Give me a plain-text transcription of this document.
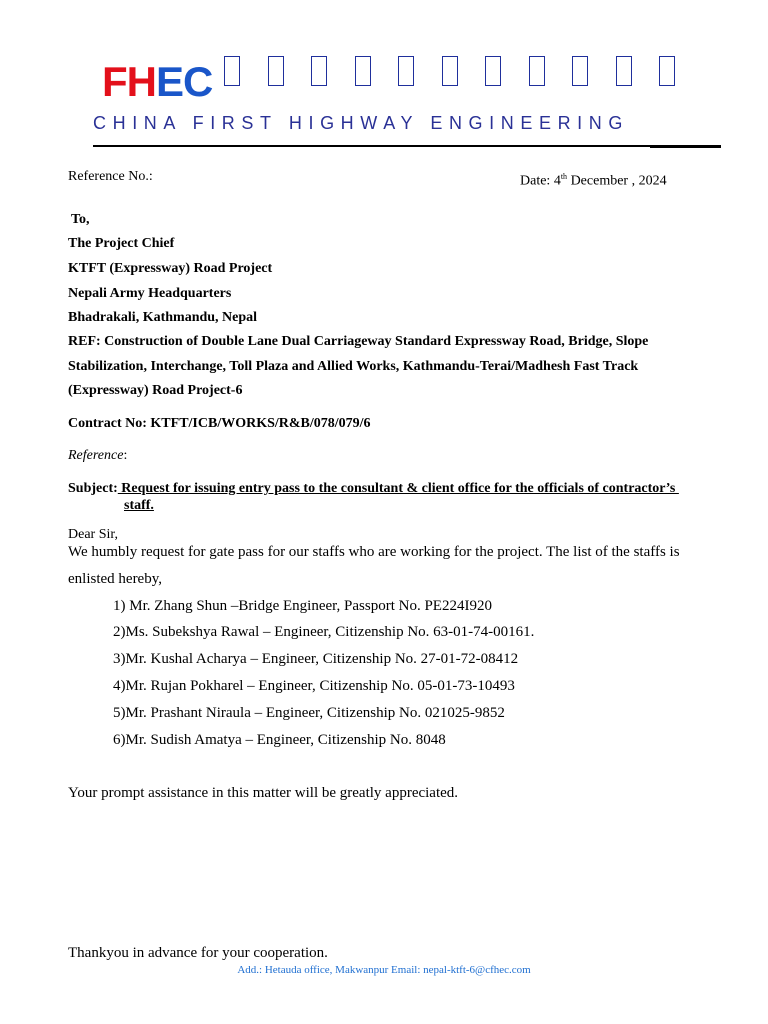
FHEC
CHINA FIRST HIGHWAY ENGINEERING
Reference No.:	Date: 4th December , 2024
To,
The Project Chief
KTFT (Expressway) Road Project
Nepali Army Headquarters
Bhadrakali, Kathmandu, Nepal
REF: Construction of Double Lane Dual Carriageway Standard Expressway Road, Bridge, Slope
Stabilization, Interchange, Toll Plaza and Allied Works, Kathmandu-Terai/Madhesh Fast Track
(Expressway) Road Project-6
Contract No: KTFT/ICB/WORKS/R&B/078/079/6
Reference:
Subject: Request for issuing entry pass to the consultant & client office for the officials of contractor’s
staff.
Dear Sir,
We humbly request for gate pass for our staffs who are working for the project. The list of the staffs is
enlisted hereby,
1) Mr. Zhang Shun –Bridge Engineer, Passport No. PE224I920
2)Ms. Subekshya Rawal – Engineer, Citizenship No. 63-01-74-00161.
3)Mr. Kushal Acharya – Engineer, Citizenship No. 27-01-72-08412
4)Mr. Rujan Pokharel – Engineer, Citizenship No. 05-01-73-10493
5)Mr. Prashant Niraula – Engineer, Citizenship No. 021025-9852
6)Mr. Sudish Amatya – Engineer, Citizenship No. 8048
Your prompt assistance in this matter will be greatly appreciated.
Thankyou in advance for your cooperation.
Add.: Hetauda office, Makwanpur Email: nepal-ktft-6@cfhec.com
